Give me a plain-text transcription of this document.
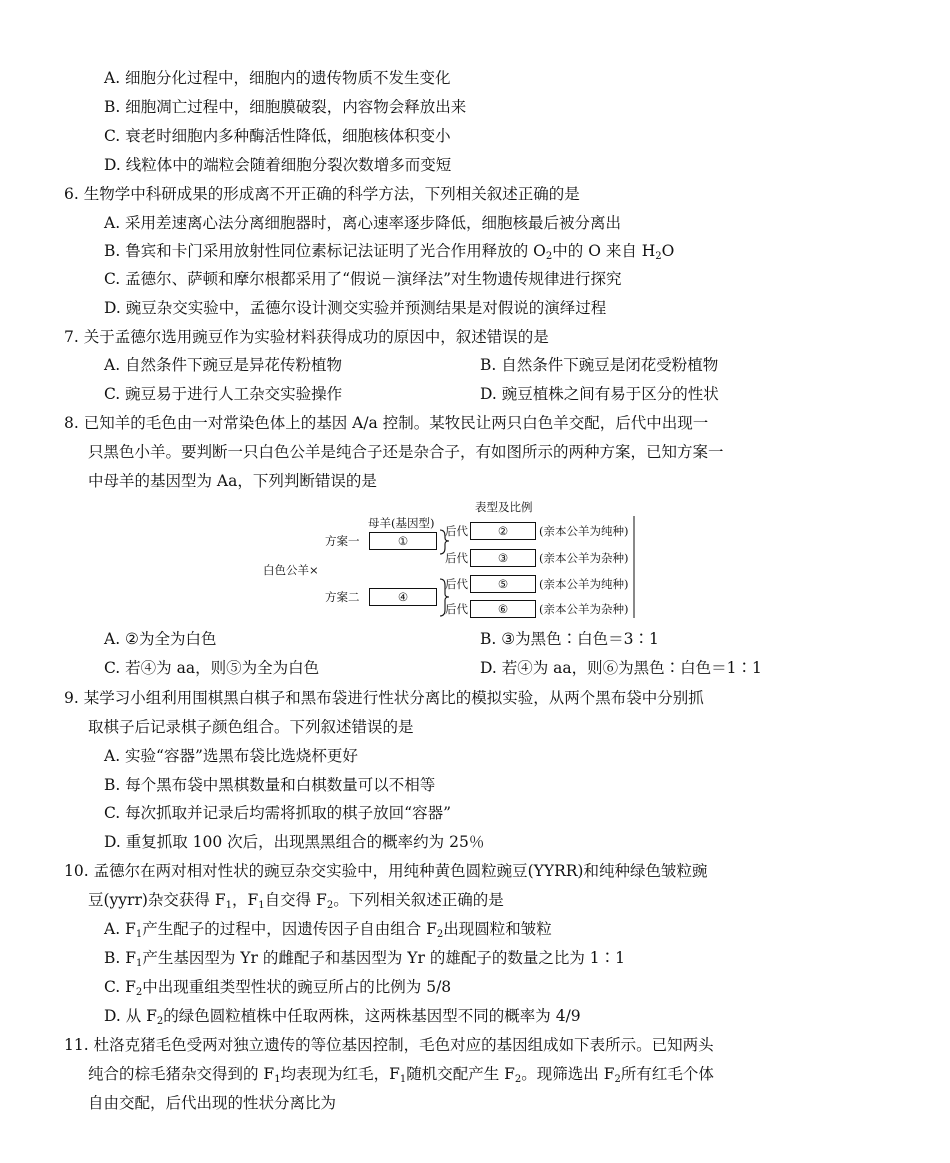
A. 细胞分化过程中，细胞内的遗传物质不发生变化
B. 细胞凋亡过程中，细胞膜破裂，内容物会释放出来
C. 衰老时细胞内多种酶活性降低，细胞核体积变小
D. 线粒体中的端粒会随着细胞分裂次数增多而变短
6. 生物学中科研成果的形成离不开正确的科学方法，下列相关叙述正确的是
A. 采用差速离心法分离细胞器时，离心速率逐步降低，细胞核最后被分离出
B. 鲁宾和卡门采用放射性同位素标记法证明了光合作用释放的 $O_2$中的 O 来自 $H_2O$
C. 孟德尔、萨顿和摩尔根都采用了“假说－演绎法”对生物遗传规律进行探究
D. 豌豆杂交实验中，孟德尔设计测交实验并预测结果是对假说的演绎过程
7. 关于孟德尔选用豌豆作为实验材料获得成功的原因中，叙述错误的是
A. 自然条件下豌豆是异花传粉植物	B. 自然条件下豌豆是闭花受粉植物
C. 豌豆易于进行人工杂交实验操作	D. 豌豆植株之间有易于区分的性状
8. 已知羊的毛色由一对常染色体上的基因 A/a 控制。某牧民让两只白色羊交配，后代中出现一
只黑色小羊。要判断一只白色公羊是纯合子还是杂合子，有如图所示的两种方案，已知方案一
中母羊的基因型为 Aa，下列判断错误的是
母羊(基因型)
表型及比例
白色公羊×
方案一
方案二
①
④
后代
后代
后代
后代
②
③
⑤
⑥
(亲本公羊为纯种)
(亲本公羊为杂种)
(亲本公羊为纯种)
(亲本公羊为杂种)
A. ②为全为白色	B. ③为黑色∶白色＝3∶1
C. 若④为 aa，则⑤为全为白色	D. 若④为 aa，则⑥为黑色∶白色＝1∶1
9. 某学习小组利用围棋黑白棋子和黑布袋进行性状分离比的模拟实验，从两个黑布袋中分别抓
取棋子后记录棋子颜色组合。下列叙述错误的是
A. 实验“容器”选黑布袋比选烧杯更好
B. 每个黑布袋中黑棋数量和白棋数量可以不相等
C. 每次抓取并记录后均需将抓取的棋子放回“容器”
D. 重复抓取 100 次后，出现黑黑组合的概率约为 25％
10. 孟德尔在两对相对性状的豌豆杂交实验中，用纯种黄色圆粒豌豆(YYRR)和纯种绿色皱粒豌
豆(yyrr)杂交获得 $F_1$，$F_1$自交得 $F_2$。下列相关叙述正确的是
A. $F_1$产生配子的过程中，因遗传因子自由组合 $F_2$出现圆粒和皱粒
B. $F_1$产生基因型为 Yr 的雌配子和基因型为 Yr 的雄配子的数量之比为 1∶1
C. $F_2$中出现重组类型性状的豌豆所占的比例为 5/8
D. 从 $F_2$的绿色圆粒植株中任取两株，这两株基因型不同的概率为 4/9
11. 杜洛克猪毛色受两对独立遗传的等位基因控制，毛色对应的基因组成如下表所示。已知两头
纯合的棕毛猪杂交得到的 $F_1$均表现为红毛，$F_1$随机交配产生 $F_2$。现筛选出 $F_2$所有红毛个体
自由交配，后代出现的性状分离比为
